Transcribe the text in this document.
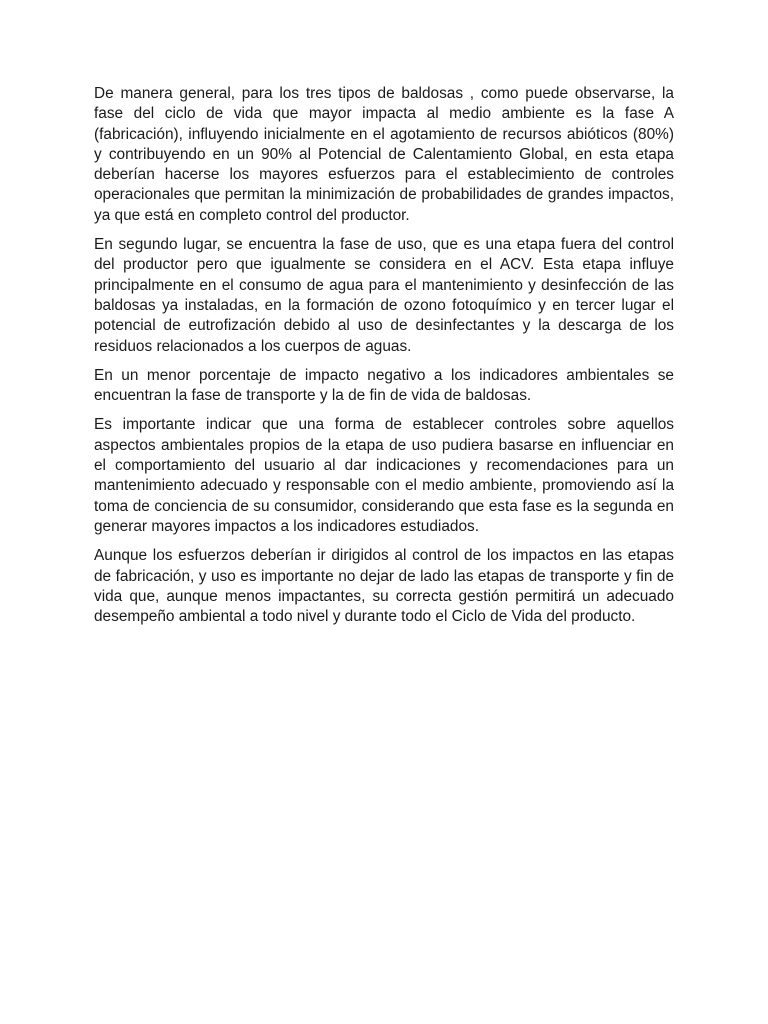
De manera general, para los tres tipos de baldosas , como puede observarse, la fase del ciclo de vida que mayor impacta al medio ambiente es la fase A (fabricación), influyendo inicialmente en el agotamiento de recursos abióticos (80%) y contribuyendo en un 90% al Potencial de Calentamiento Global, en esta etapa deberían hacerse los mayores esfuerzos para el establecimiento de controles operacionales que permitan la minimización de probabilidades de grandes impactos, ya que está en completo control del productor.

En segundo lugar, se encuentra la fase de uso, que es una etapa fuera del control del productor pero que igualmente se considera en el ACV. Esta etapa influye principalmente en el consumo de agua para el mantenimiento y desinfección de las baldosas ya instaladas, en la formación de ozono fotoquímico y en tercer lugar el potencial de eutrofización debido al uso de desinfectantes y la descarga de los residuos relacionados a los cuerpos de aguas.

En un menor porcentaje de impacto negativo a los indicadores ambientales se encuentran la fase de transporte y la de fin de vida de baldosas.

Es importante indicar que una forma de establecer controles sobre aquellos aspectos ambientales propios de la etapa de uso pudiera basarse en influenciar en el comportamiento del usuario al dar indicaciones y recomendaciones para un mantenimiento adecuado y responsable con el medio ambiente, promoviendo así la toma de conciencia de su consumidor, considerando que esta fase es la segunda en generar mayores impactos a los indicadores estudiados.

Aunque los esfuerzos deberían ir dirigidos al control de los impactos en las etapas de fabricación, y uso es importante no dejar de lado las etapas de transporte y fin de vida que, aunque menos impactantes, su correcta gestión permitirá un adecuado desempeño ambiental a todo nivel y durante todo el Ciclo de Vida del producto.
